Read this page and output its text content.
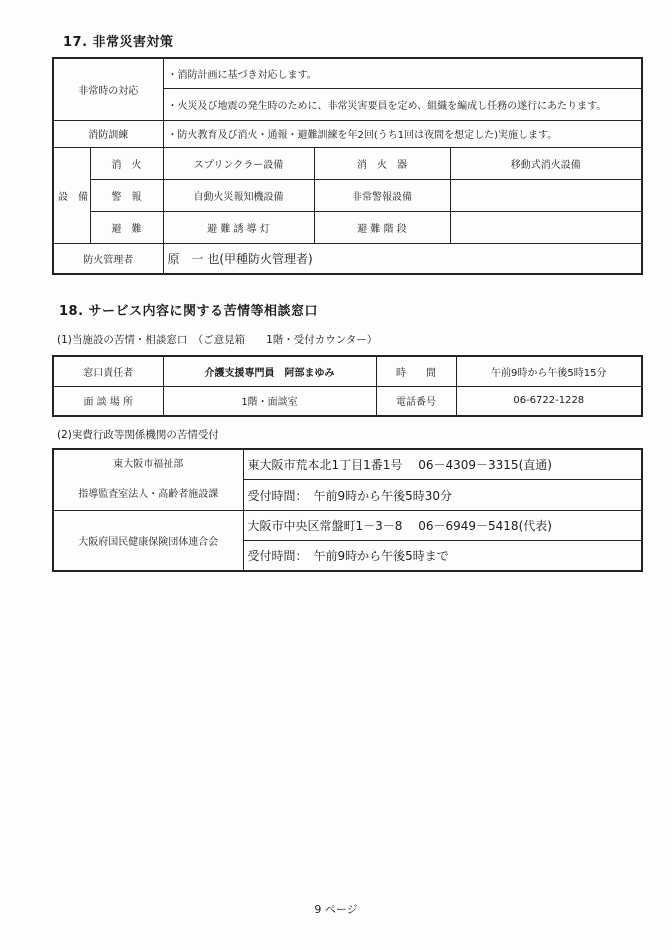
17. 非常災害対策
非常時の対応		・消防計画に基づき対応します。		
		・火災及び地震の発生時のために、非常災害要員を定め、組織を編成し任務の遂行にあたります。		
消防訓練		・防火教育及び消火・通報・避難訓練を年2回(うち1回は夜間を想定した)実施します。		
設　備	消　火	スプリンクラー設備	消　火　器	移動式消火設備
	警　報	自動火災報知機設備	非常警報設備	
	避　難	避 難 誘 導 灯	避 難 階 段	
防火管理者		原　一 也(甲種防火管理者)		
18. サービス内容に関する苦情等相談窓口
(1)当施設の苦情・相談窓口　（ご意見箱　　1階・受付カウンター）
窓口責任者	介護支援専門員　阿部まゆみ	時　　間	午前9時から午後5時15分
面 談 場 所	1階・面談室	電話番号	06-6722-1228
(2)実費行政等関係機関の苦情受付
東大阪市福祉部
指導監査室法人・高齢者施設課	東大阪市荒本北1丁目1番1号　 06－4309－3315(直通)
	受付時間：　午前9時から午後5時30分
大阪府国民健康保険団体連合会	大阪市中央区常盤町1－3－8　 06－6949－5418(代表)
	受付時間：　午前9時から午後5時まで
9 ページ
